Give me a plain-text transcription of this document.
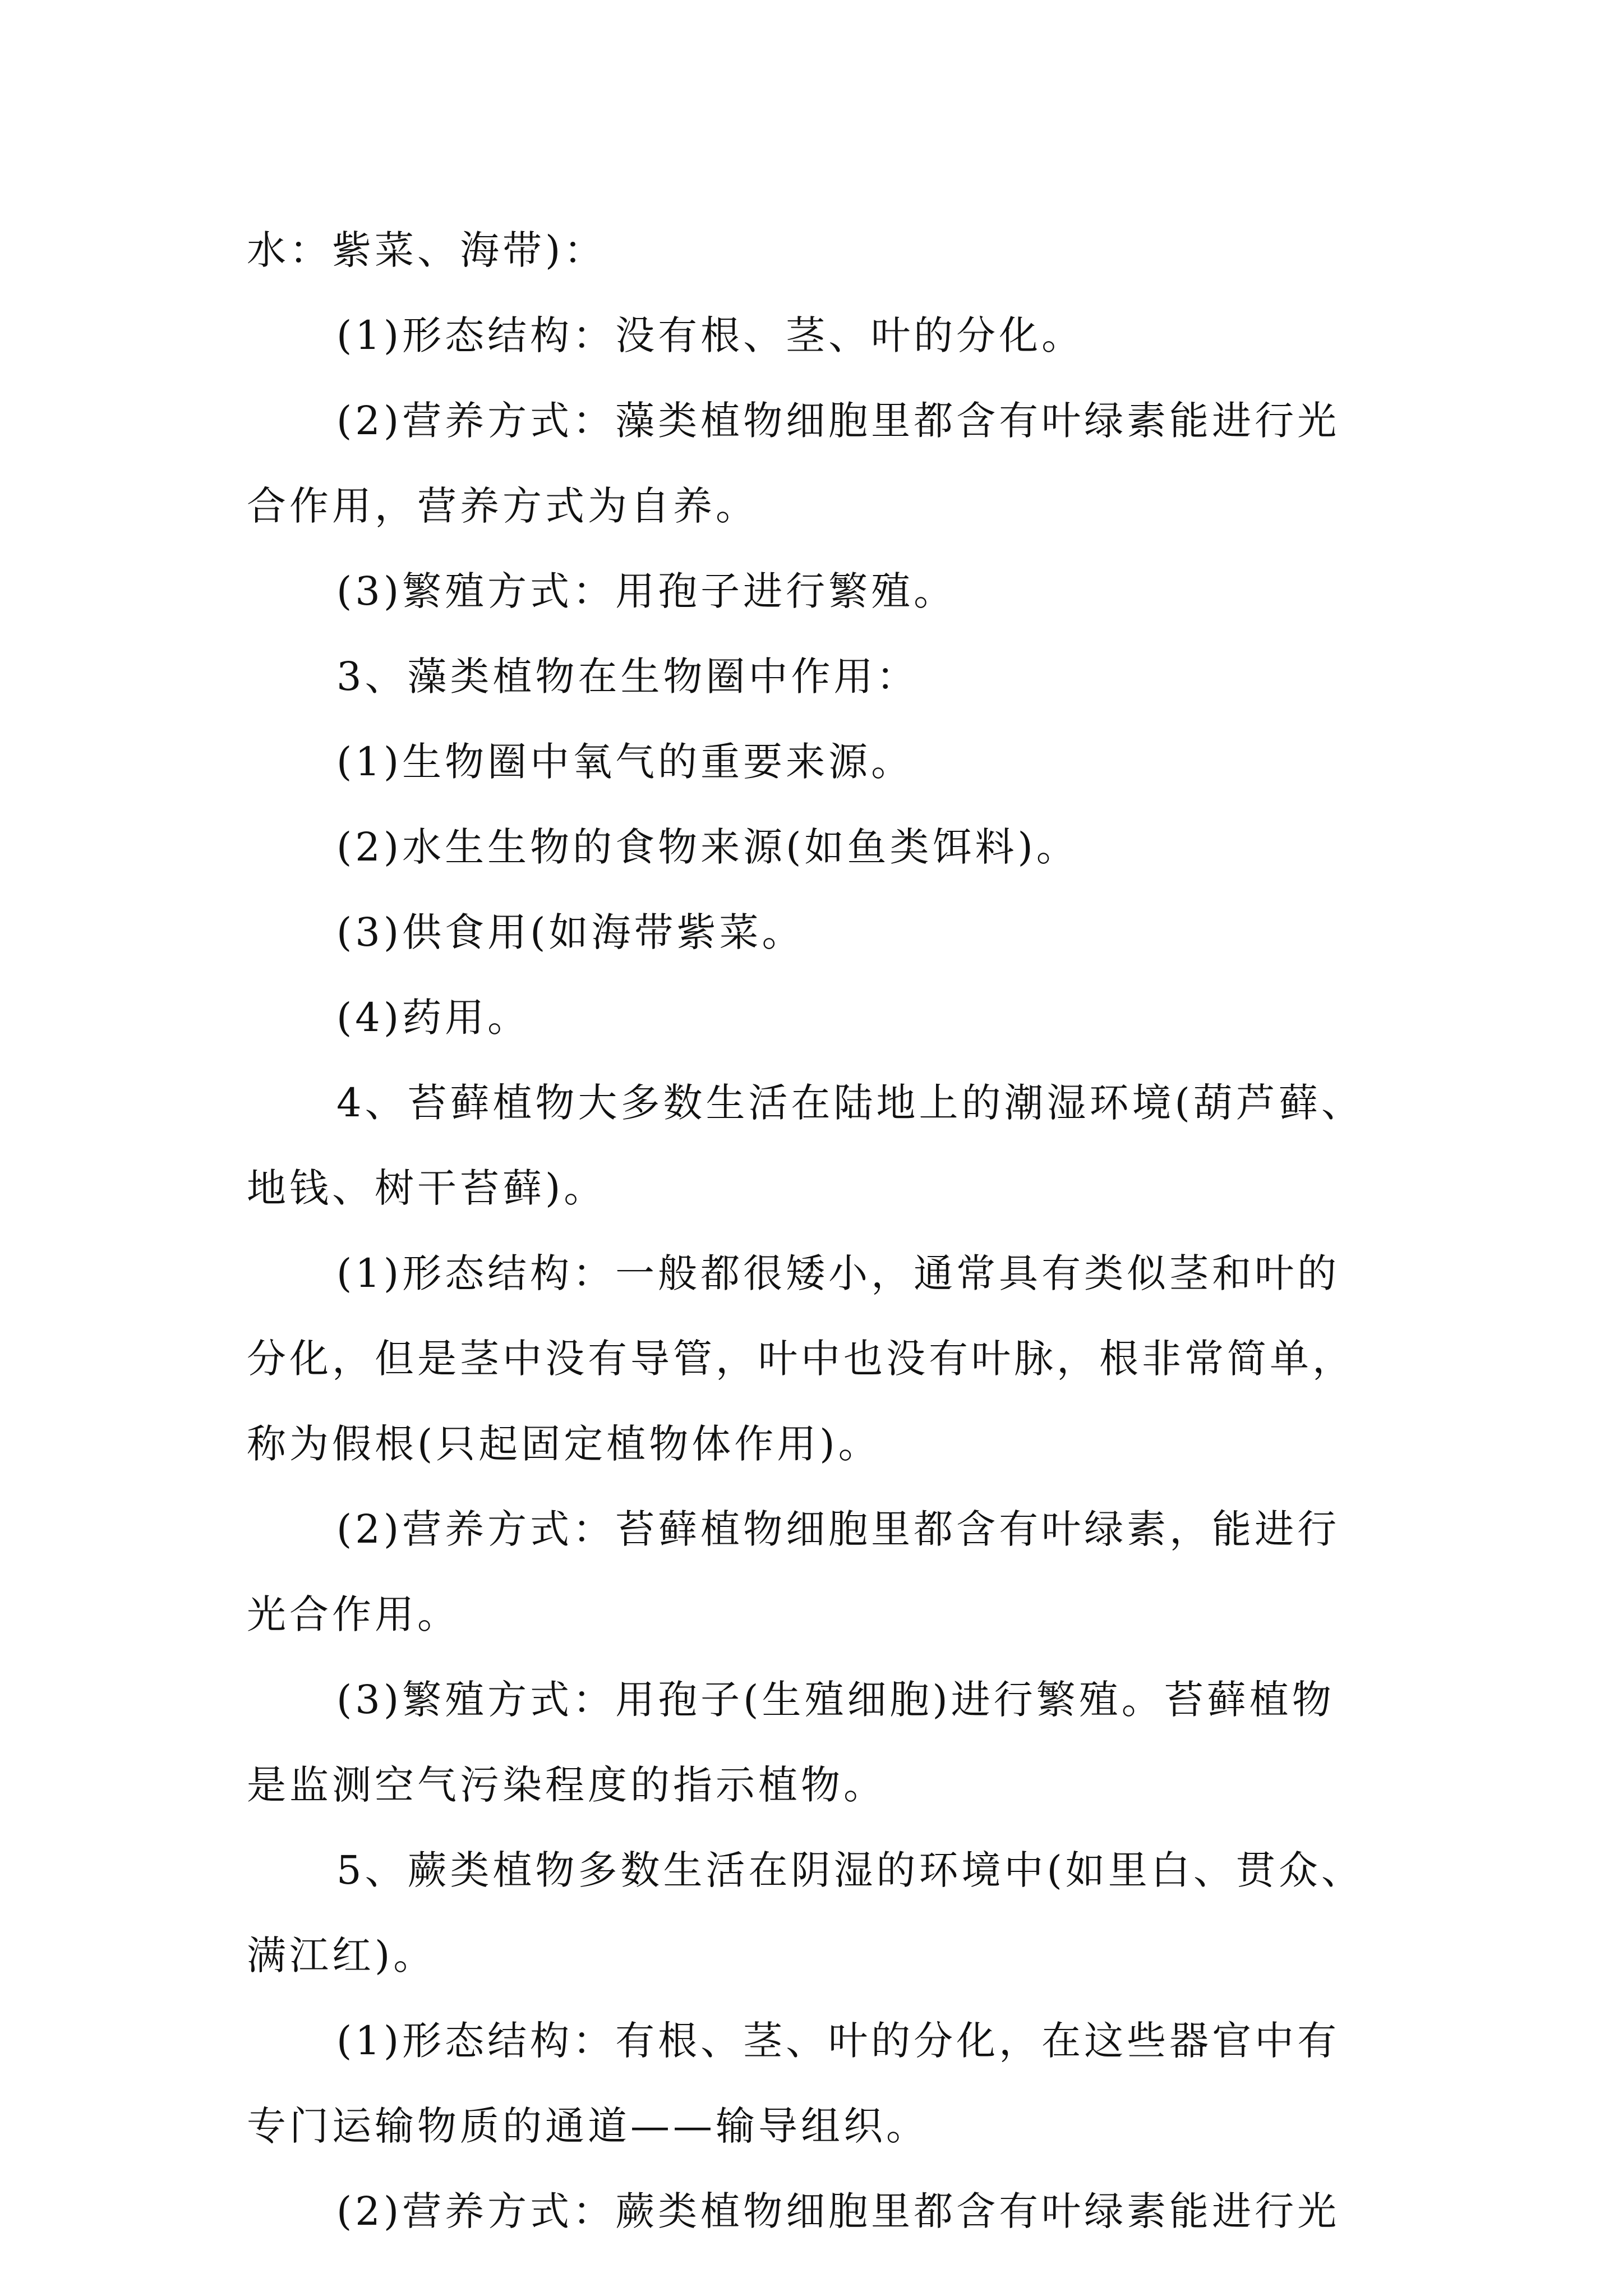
水：紫菜、海带)：
(1)形态结构：没有根、茎、叶的分化。
(2)营养方式：藻类植物细胞里都含有叶绿素能进行光
合作用，营养方式为自养。
(3)繁殖方式：用孢子进行繁殖。
3、藻类植物在生物圈中作用：
(1)生物圈中氧气的重要来源。
(2)水生生物的食物来源(如鱼类饵料)。
(3)供食用(如海带紫菜。
(4)药用。
4、苔藓植物大多数生活在陆地上的潮湿环境(葫芦藓、
地钱、树干苔藓)。
(1)形态结构：一般都很矮小，通常具有类似茎和叶的
分化，但是茎中没有导管，叶中也没有叶脉，根非常简单，
称为假根(只起固定植物体作用)。
(2)营养方式：苔藓植物细胞里都含有叶绿素，能进行
光合作用。
(3)繁殖方式：用孢子(生殖细胞)进行繁殖。苔藓植物
是监测空气污染程度的指示植物。
5、蕨类植物多数生活在阴湿的环境中(如里白、贯众、
满江红)。
(1)形态结构：有根、茎、叶的分化，在这些器官中有
专门运输物质的通道——输导组织。
(2)营养方式：蕨类植物细胞里都含有叶绿素能进行光
